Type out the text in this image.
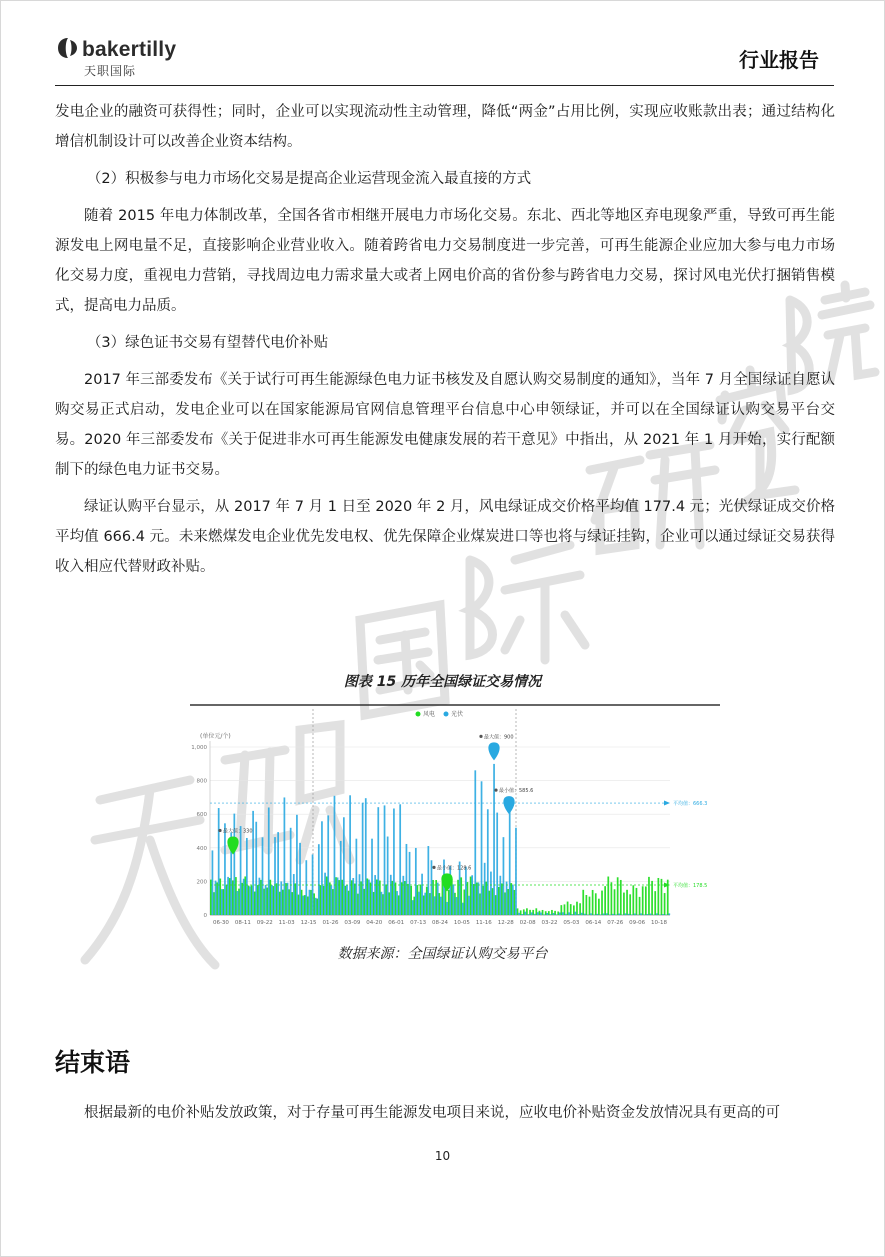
bakertilly
天职国际	行业报告

发电企业的融资可获得性；同时，企业可以实现流动性主动管理，降低“两金”占用比例，实现应收账款出表；通过结构化增信机制设计可以改善企业资本结构。

（2）积极参与电力市场化交易是提高企业运营现金流入最直接的方式

随着 2015 年电力体制改革，全国各省市相继开展电力市场化交易。东北、西北等地区弃电现象严重，导致可再生能源发电上网电量不足，直接影响企业营业收入。随着跨省电力交易制度进一步完善，可再生能源企业应加大参与电力市场化交易力度，重视电力营销，寻找周边电力需求量大或者上网电价高的省份参与跨省电力交易，探讨风电光伏打捆销售模式，提高电力品质。

（3）绿色证书交易有望替代电价补贴

2017 年三部委发布《关于试行可再生能源绿色电力证书核发及自愿认购交易制度的通知》，当年 7 月全国绿证自愿认购交易正式启动，发电企业可以在国家能源局官网信息管理平台信息中心申领绿证，并可以在全国绿证认购交易平台交易。2020 年三部委发布《关于促进非水可再生能源发电健康发展的若干意见》中指出，从 2021 年 1 月开始，实行配额制下的绿色电力证书交易。

绿证认购平台显示，从 2017 年 7 月 1 日至 2020 年 2 月，风电绿证成交价格平均值 177.4 元；光伏绿证成交价格平均值 666.4 元。未来燃煤发电企业优先发电权、优先保障企业煤炭进口等也将与绿证挂钩，企业可以通过绿证交易获得收入相应代替财政补贴。

图表 15 历年全国绿证交易情况
风电	光伏
(单位元/个)
0
200
400
600
800
1,000
平均值：666.3
平均值：178.5
最大值：330
最小值：128.6
最大值：900
最小值：585.6
06-30 08-11 09-22 11-03 12-15 01-26 03-09 04-20 06-01 07-13 08-24 10-05 11-16 12-28 02-08 03-22 05-03 06-14 07-26 09-06 10-18
数据来源：全国绿证认购交易平台
结束语
根据最新的电价补贴发放政策，对于存量可再生能源发电项目来说，应收电价补贴资金发放情况具有更高的可
10
